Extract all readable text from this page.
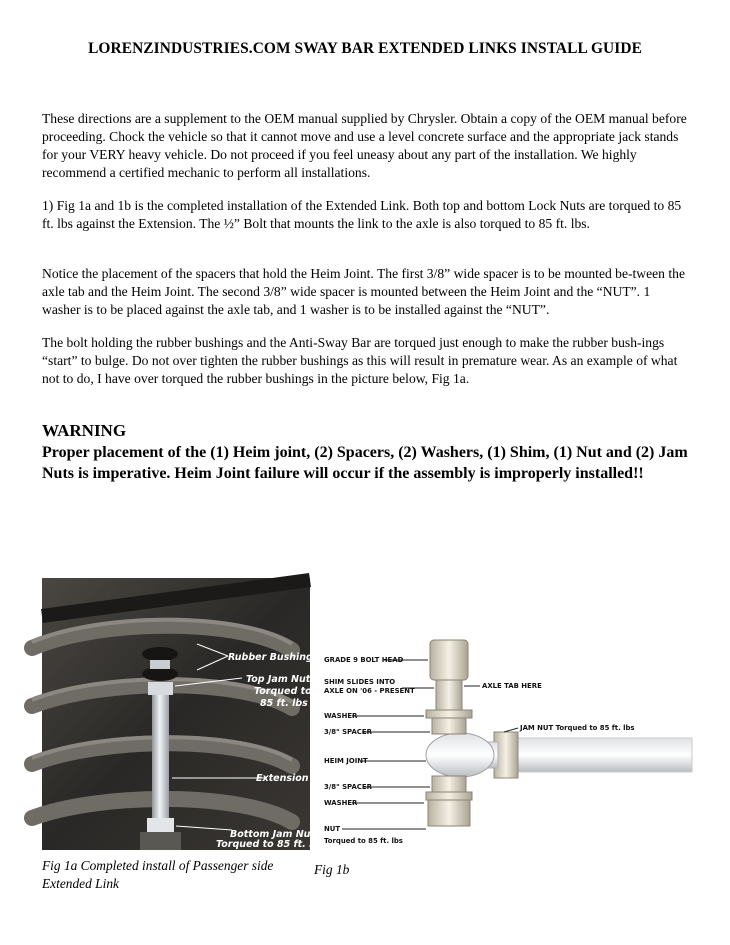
LORENZINDUSTRIES.COM SWAY BAR EXTENDED LINKS INSTALL GUIDE
These directions are a supplement to the OEM manual supplied by Chrysler. Obtain a copy of the OEM manual before proceeding. Chock the vehicle so that it cannot move and use a level concrete surface and the appropriate jack stands for your VERY heavy vehicle. Do not proceed if you feel uneasy about any part of the installation. We highly recommend a certified mechanic to perform all installations.
1) Fig 1a and 1b is the completed installation of the Extended Link. Both top and bottom Lock Nuts are torqued to 85 ft. lbs against the Extension. The ½” Bolt that mounts the link to the axle is also torqued to 85 ft. lbs.
Notice the placement of the spacers that hold the Heim Joint. The first 3/8” wide spacer is to be mounted be-tween the axle tab and the Heim Joint. The second 3/8” wide spacer is mounted between the Heim Joint and the “NUT”. 1 washer is to be placed against the axle tab, and 1 washer is to be installed against the “NUT”.
The bolt holding the rubber bushings and the Anti-Sway Bar are torqued just enough to make the rubber bush-ings “start” to bulge. Do not over tighten the rubber bushings as this will result in premature wear. As an example of what not to do, I have over torqued the rubber bushings in the picture below, Fig 1a.
WARNING
Proper placement of the (1) Heim joint, (2) Spacers, (2) Washers, (1) Shim, (1) Nut and (2) Jam Nuts is imperative. Heim Joint failure will occur if the assembly is improperly installed!!
Rubber Bushings
Top Jam Nut
Torqued to
85 ft. lbs
Extension
Bottom Jam Nut
Torqued to 85 ft. lbs
GRADE 9 BOLT HEAD
SHIM SLIDES INTO
AXLE ON '06 - PRESENT
WASHER
3/8" SPACER
HEIM JOINT
3/8" SPACER
WASHER
NUT
Torqued to 85 ft. lbs
AXLE TAB HERE
JAM NUT Torqued to 85 ft. lbs
Fig 1a Completed install of Passenger side
Extended Link
Fig 1b
